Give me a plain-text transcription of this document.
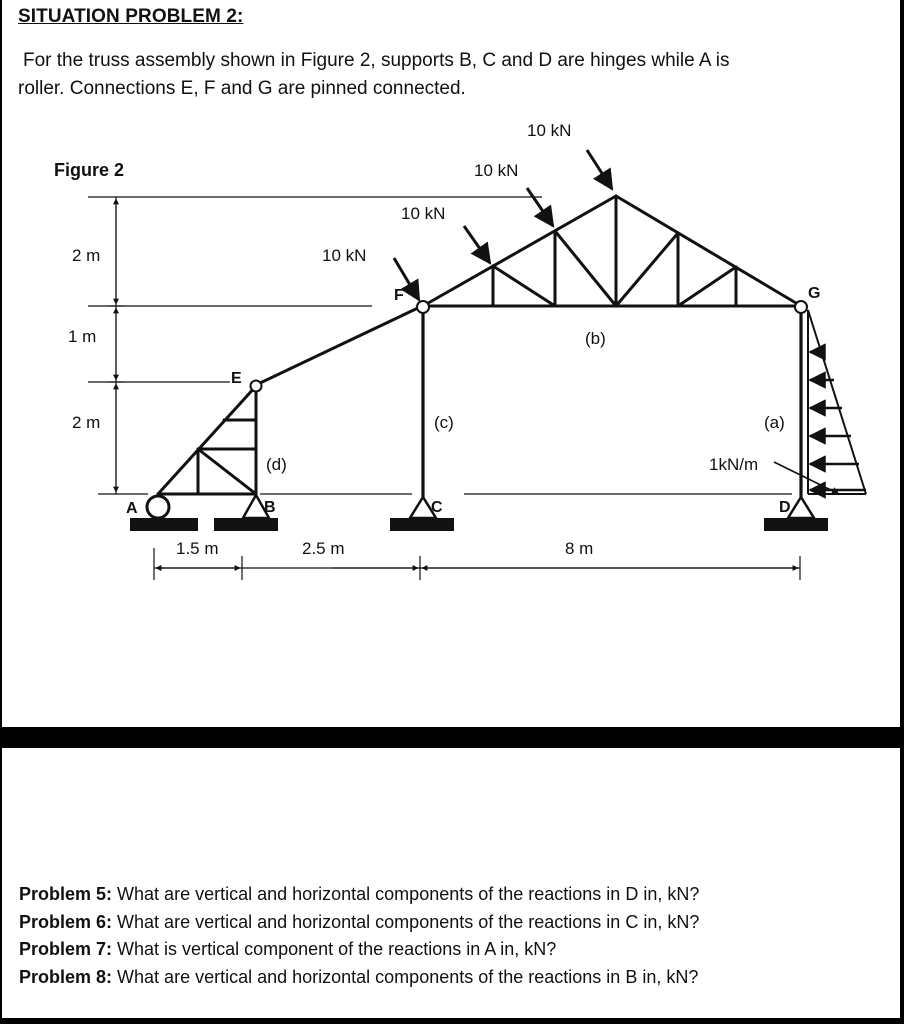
SITUATION PROBLEM 2:
For the truss assembly shown in Figure 2, supports B, C and D are hinges while A is
roller. Connections E, F and G are pinned connected.
Figure 2
10 kN
10 kN
10 kN
10 kN
2 m
1 m
2 m
1.5 m	2.5 m	8 m
(b)
(c)	(a)
(d)	1kN/m
E
F	G
A	B	C	D
Problem 5: What are vertical and horizontal components of the reactions in D in, kN?
Problem 6: What are vertical and horizontal components of the reactions in C in, kN?
Problem 7: What is vertical component of the reactions in A in, kN?
Problem 8: What are vertical and horizontal components of the reactions in B in, kN?
